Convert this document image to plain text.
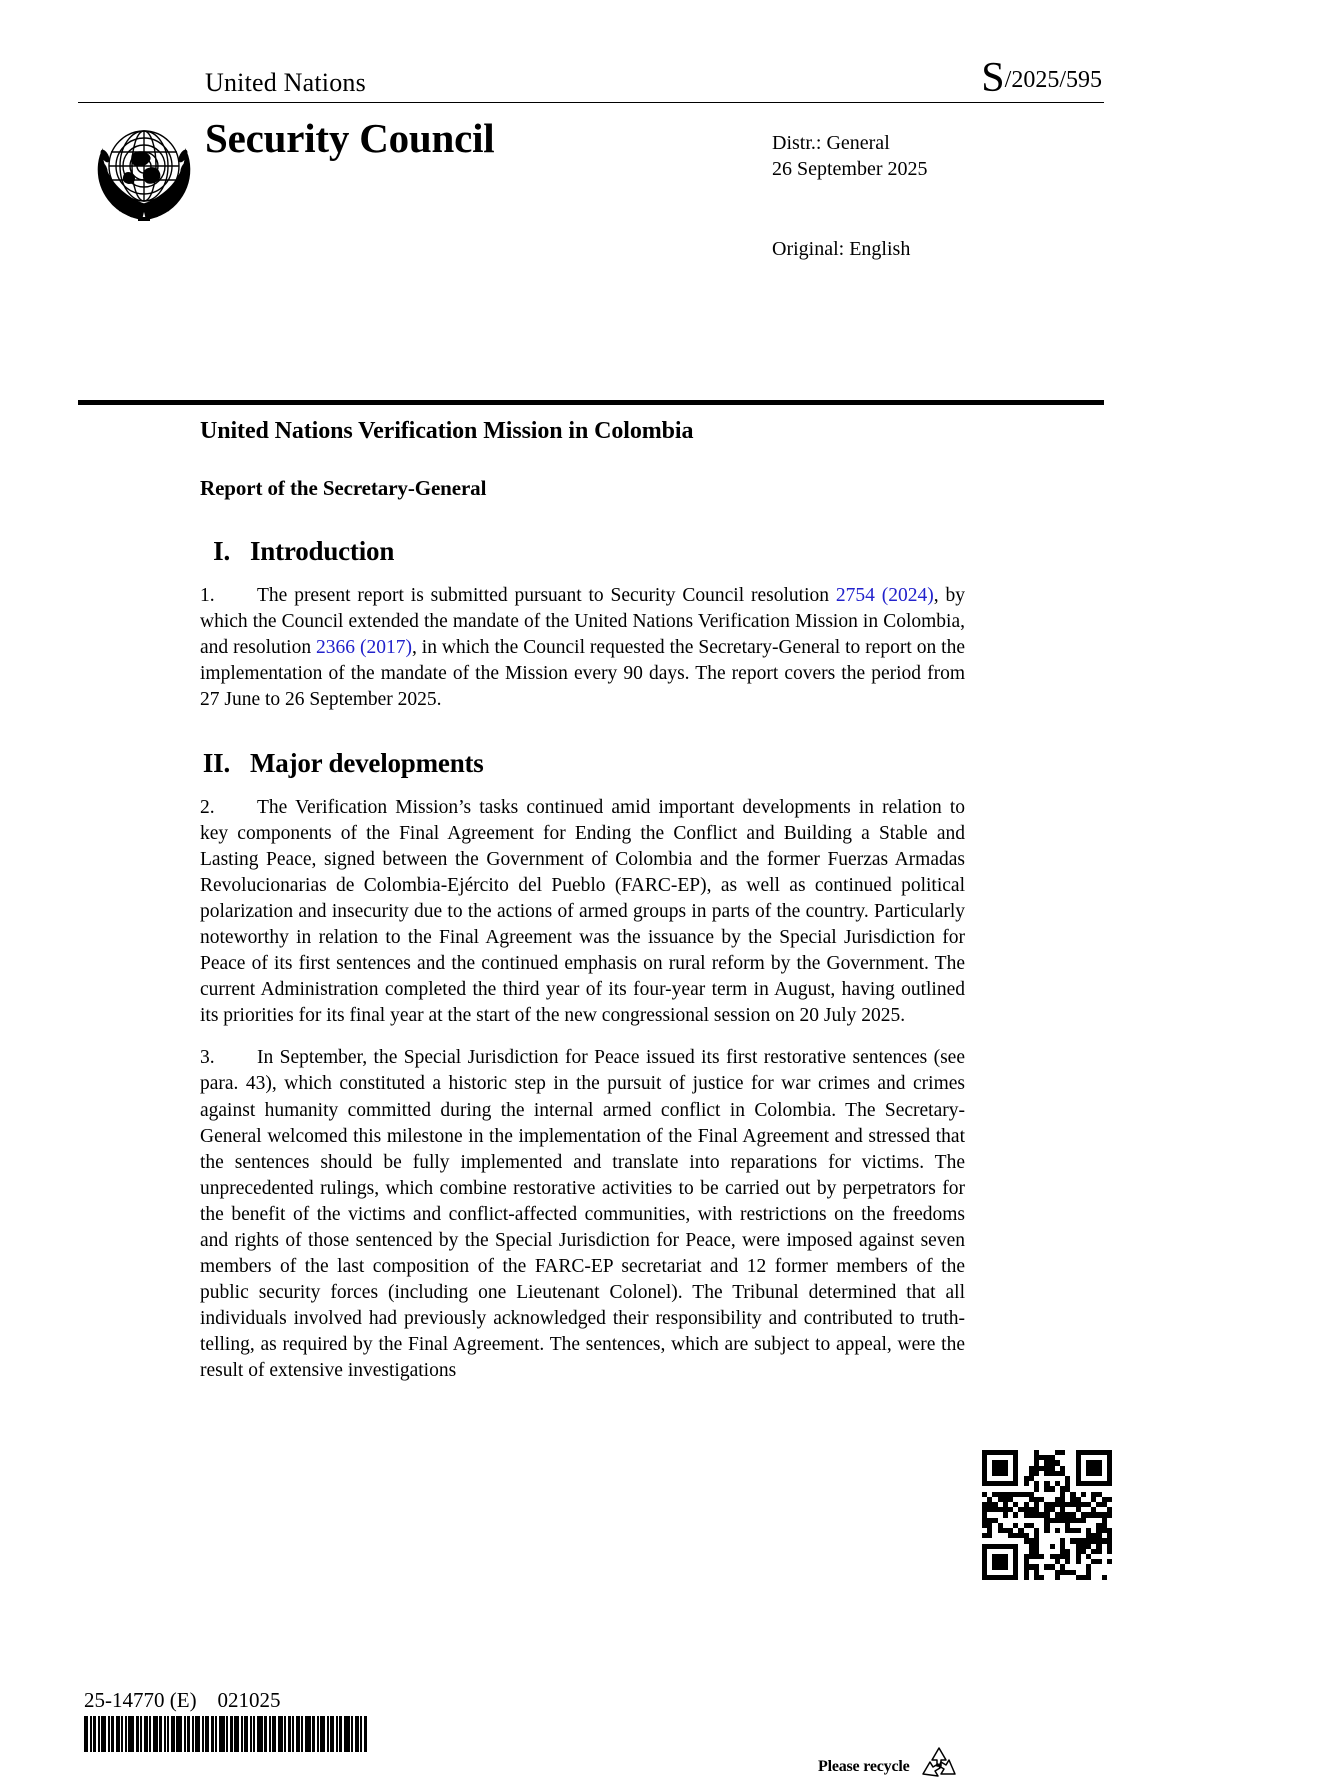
United Nations	S/2025/595
Security Council	Distr.: General
26 September 2025
Original: English
United Nations Verification Mission in Colombia
Report of the Secretary-General
I. Introduction

1. The present report is submitted pursuant to Security Council resolution 2754 (2024), by which the Council extended the mandate of the United Nations Verification Mission in Colombia, and resolution 2366 (2017), in which the Council requested the Secretary-General to report on the implementation of the mandate of the Mission every 90 days. The report covers the period from 27 June to 26 September 2025.

II. Major developments

2. The Verification Mission’s tasks continued amid important developments in relation to key components of the Final Agreement for Ending the Conflict and Building a Stable and Lasting Peace, signed between the Government of Colombia and the former Fuerzas Armadas Revolucionarias de Colombia-Ejército del Pueblo (FARC-EP), as well as continued political polarization and insecurity due to the actions of armed groups in parts of the country. Particularly noteworthy in relation to the Final Agreement was the issuance by the Special Jurisdiction for Peace of its first sentences and the continued emphasis on rural reform by the Government. The current Administration completed the third year of its four-year term in August, having outlined its priorities for its final year at the start of the new congressional session on 20 July 2025.

3. In September, the Special Jurisdiction for Peace issued its first restorative sentences (see para. 43), which constituted a historic step in the pursuit of justice for war crimes and crimes against humanity committed during the internal armed conflict in Colombia. The Secretary-General welcomed this milestone in the implementation of the Final Agreement and stressed that the sentences should be fully implemented and translate into reparations for victims. The unprecedented rulings, which combine restorative activities to be carried out by perpetrators for the benefit of the victims and conflict-affected communities, with restrictions on the freedoms and rights of those sentenced by the Special Jurisdiction for Peace, were imposed against seven members of the last composition of the FARC-EP secretariat and 12 former members of the public security forces (including one Lieutenant Colonel). The Tribunal determined that all individuals involved had previously acknowledged their responsibility and contributed to truth-telling, as required by the Final Agreement. The sentences, which are subject to appeal, were the result of extensive investigations

25-14770 (E)    021025
Please recycle
